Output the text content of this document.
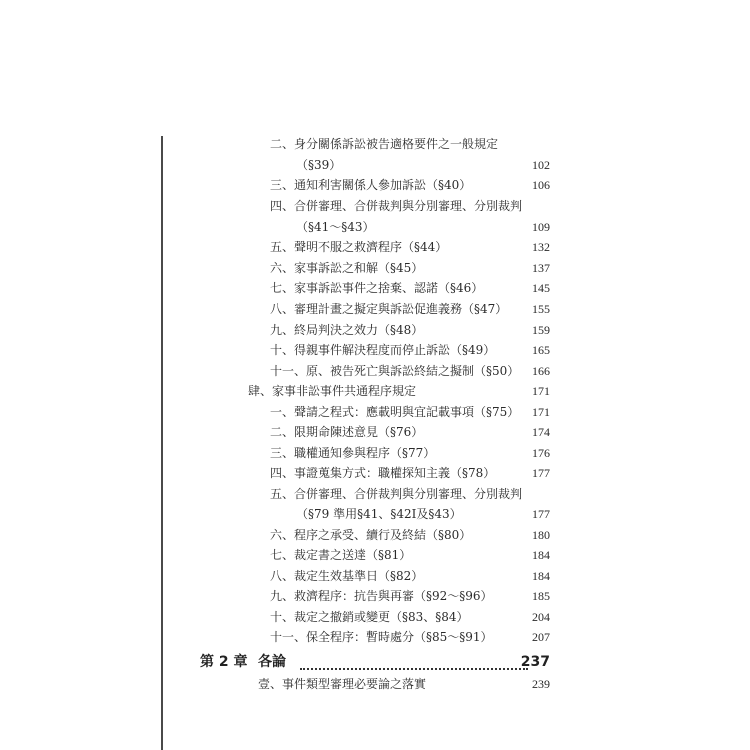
二、身分關係訴訟被告適格要件之一般規定
（§39）	102
三、通知利害關係人參加訴訟（§40）	106
四、合併審理、合併裁判與分別審理、分別裁判
（§41～§43）	109
五、聲明不服之救濟程序（§44）	132
六、家事訴訟之和解（§45）	137
七、家事訴訟事件之捨棄、認諾（§46）	145
八、審理計畫之擬定與訴訟促進義務（§47） 155
九、終局判決之效力（§48）	159
十、得親事件解決程度而停止訴訟（§49）	165
十一、原、被告死亡與訴訟終結之擬制（§50） 166
肆、家事非訟事件共通程序規定	171
一、聲請之程式：應載明與宜記載事項（§75） 171
二、限期命陳述意見（§76）	174
三、職權通知參與程序（§77）	176
四、事證蒐集方式：職權探知主義（§78）	177
五、合併審理、合併裁判與分別審理、分別裁判
（§79 準用§41、§42Ⅰ及§43）	177
六、程序之承受、續行及終結（§80）	180
七、裁定書之送達（§81）	184
八、裁定生效基準日（§82）	184
九、救濟程序：抗告與再審（§92～§96）	185
十、裁定之撤銷或變更（§83、§84）	204
十一、保全程序：暫時處分（§85～§91）	207
第 2 章 各論	237
壹、事件類型審理必要論之落實	239
